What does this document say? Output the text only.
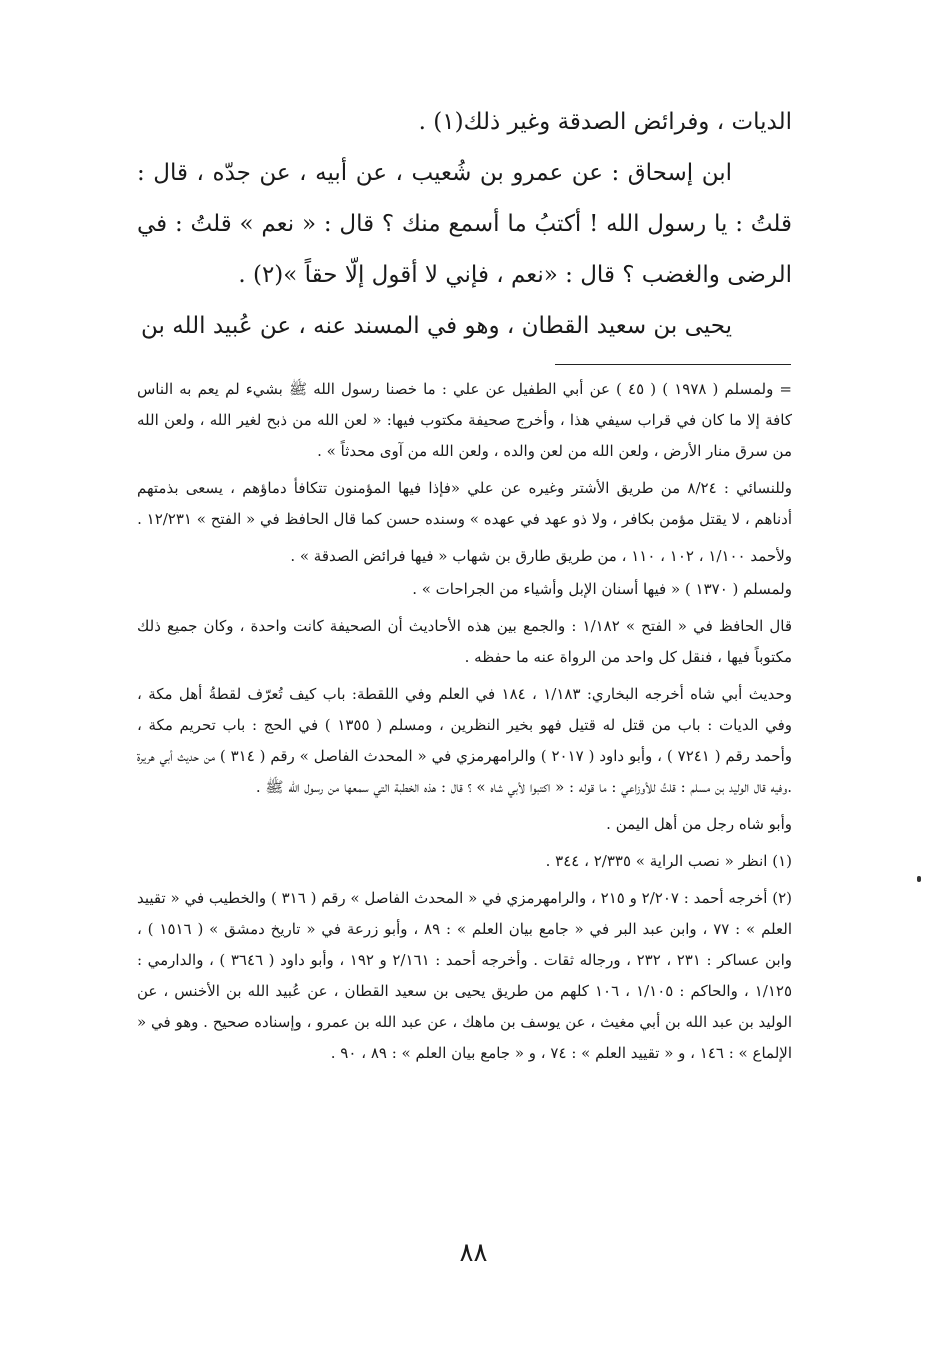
الديات ، وفرائض الصدقة وغير ذلك(١) .

ابن إسحاق : عن عمرو بن شُعيب ، عن أبيه ، عن جدّه ، قال : قلتُ : يا رسول الله ! أكتبُ ما أسمع منك ؟ قال : « نعم » قلتُ : في الرضى والغضب ؟ قال : «نعم ، فإني لا أقول إلّا حقاً »(٢) .

يحيى بن سعيد القطان ، وهو في المسند عنه ، عن عُبيد الله بن

= ولمسلم ( ١٩٧٨ ) ( ٤٥ ) عن أبي الطفيل عن علي : ما خصنا رسول الله ﷺ بشيء لم يعم به الناس كافة إلا ما كان في قراب سيفي هذا ، وأخرج صحيفة مكتوب فيها: « لعن الله من ذبح لغير الله ، ولعن الله من سرق منار الأرض ، ولعن الله من لعن والده ، ولعن الله من آوى محدثاً » .

وللنسائي : ٨/٢٤ من طريق الأشتر وغيره عن علي «فإذا فيها المؤمنون تتكافأ دماؤهم ، يسعى بذمتهم أدناهم ، لا يقتل مؤمن بكافر ، ولا ذو عهد في عهده » وسنده حسن كما قال الحافظ في « الفتح » ١٢/٢٣١ .

ولأحمد ١/١٠٠ ، ١٠٢ ، ١١٠ ، من طريق طارق بن شهاب « فيها فرائض الصدقة » .

ولمسلم ( ١٣٧٠ ) « فيها أسنان الإبل وأشياء من الجراحات » .

قال الحافظ في « الفتح » ١/١٨٢ : والجمع بين هذه الأحاديث أن الصحيفة كانت واحدة ، وكان جميع ذلك مكتوباً فيها ، فنقل كل واحد من الرواة عنه ما حفظه .

وحديث أبي شاه أخرجه البخاري: ١/١٨٣ ، ١٨٤ في العلم وفي اللقطة: باب كيف تُعرّف لقطةُ أهل مكة ، وفي الديات : باب من قتل له قتيل فهو بخير النظرين ، ومسلم ( ١٣٥٥ ) في الحج : باب تحريم مكة ، وأحمد رقم ( ٧٢٤١ ) ، وأبو داود ( ٢٠١٧ ) والرامهرمزي في « المحدث الفاصل » رقم ( ٣١٤ ) من حديث أبي هريرة .وفيه قال الوليد بن مسلم : قلتُ للأوزاعي : ما قوله : « اكتبوا لأبي شاه » ؟ قال : هذه الخطبة التي سمعها من رسول الله ﷺ .

وأبو شاه رجل من أهل اليمن .

(١) انظر « نصب الراية » ٢/٣٣٥ ، ٣٤٤ .

(٢) أخرجه أحمد : ٢/٢٠٧ و ٢١٥ ، والرامهرمزي في « المحدث الفاصل » رقم ( ٣١٦ ) والخطيب في « تقييد العلم » : ٧٧ ، وابن عبد البر في « جامع بيان العلم » : ٨٩ ، وأبو زرعة في « تاريخ دمشق » ( ١٥١٦ ) ، وابن عساكر : ٢٣١ ، ٢٣٢ ، ورجاله ثقات . وأخرجه أحمد : ٢/١٦١ و ١٩٢ ، وأبو داود ( ٣٦٤٦ ) ، والدارمي : ١/١٢٥ ، والحاكم : ١/١٠٥ ، ١٠٦ كلهم من طريق يحيى بن سعيد القطان ، عن عُبيد الله بن الأخنس ، عن الوليد بن عبد الله بن أبي مغيث ، عن يوسف بن ماهك ، عن عبد الله بن عمرو ، وإسناده صحيح . وهو في « الإلماع » : ١٤٦ ، و « تقييد العلم » : ٧٤ ، و « جامع بيان العلم » : ٨٩ ، ٩٠ .

٨٨
